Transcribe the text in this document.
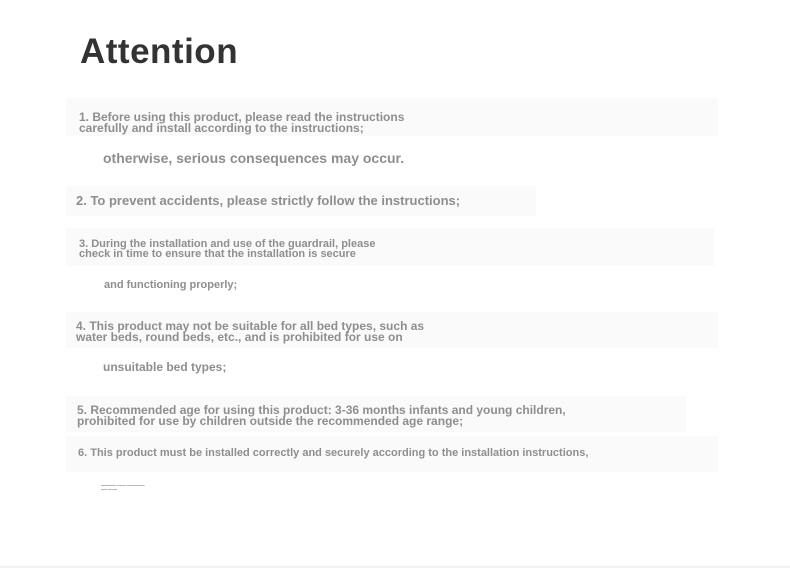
Attention

1. Before using this product, please read the instructions

carefully and install according to the instructions;

otherwise, serious consequences may occur.

2. To prevent accidents, please strictly follow the instructions;

3. During the installation and use of the guardrail, please

check in time to ensure that the installation is secure

and functioning properly;

4. This product may not be suitable for all bed types, such as

water beds, round beds, etc., and is prohibited for use on

unsuitable bed types;

5. Recommended age for using this product: 3-36 months infants and young children,

prohibited for use by children outside the recommended age range;

6. This product must be installed correctly and securely according to the installation instructions,

▬▬▬▬▬ ▬▬▬ ▬▬▬▬▬▬
▬▬ ▬▬▬
